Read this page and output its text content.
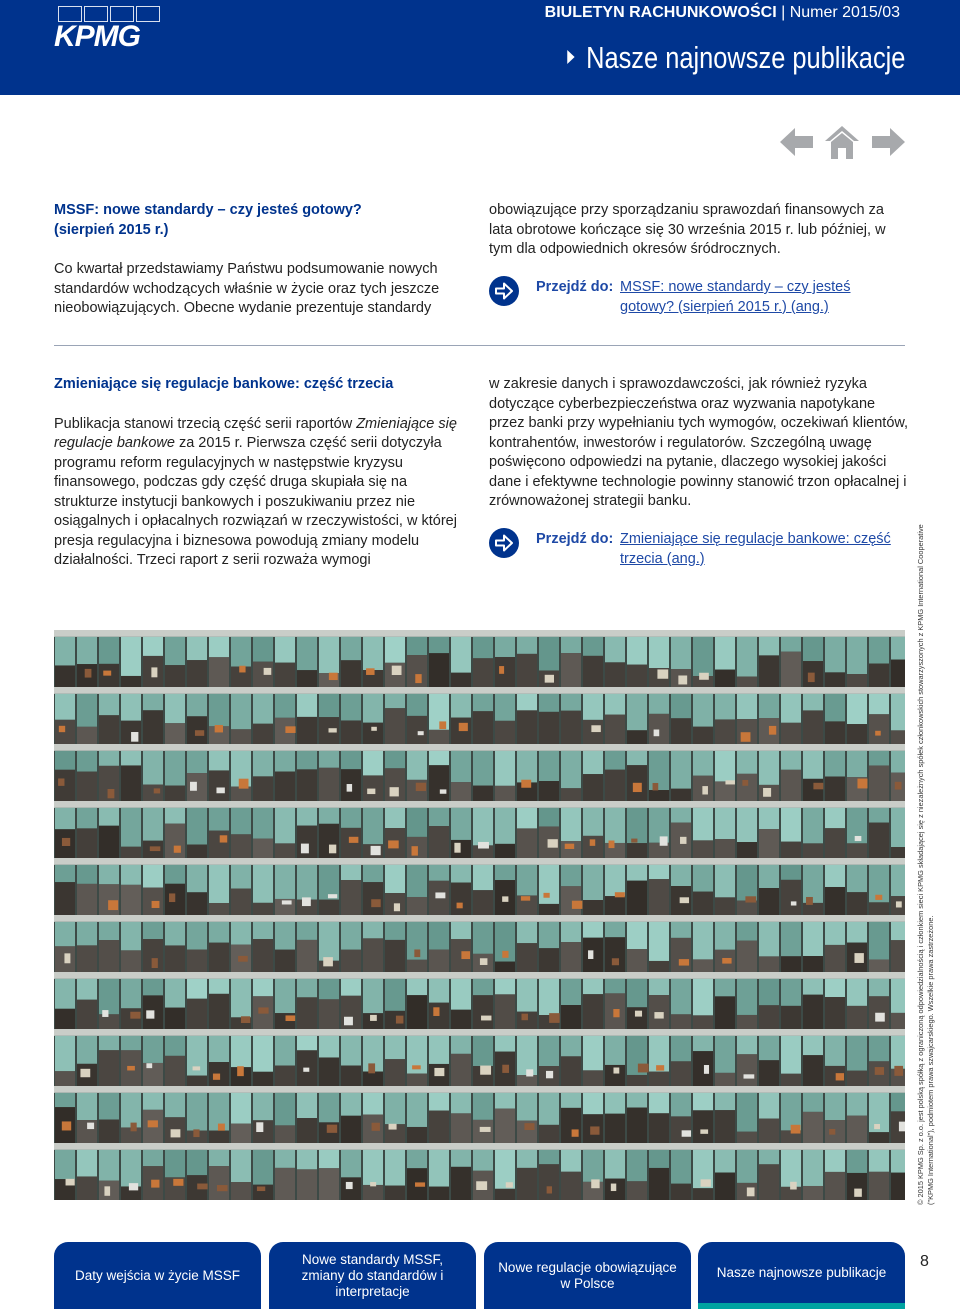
KPMG
BIULETYN RACHUNKOWOŚCI | Numer 2015/03
Nasze najnowsze publikacje

MSSF: nowe standardy – czy jesteś gotowy?

(sierpień 2015 r.)

Co kwartał przedstawiamy Państwu podsumowanie nowych standardów wchodzących właśnie w życie oraz tych jeszcze nieobowiązujących. Obecne wydanie prezentuje standardy

obowiązujące przy sporządzaniu sprawozdań finansowych za lata obrotowe kończące się 30 września 2015 r. lub później, w tym dla odpowiednich okresów śródrocznych.

Przejdź do: MSSF: nowe standardy – czy jesteś gotowy? (sierpień 2015 r.) (ang.)

Zmieniające się regulacje bankowe: część trzecia

Publikacja stanowi trzecią część serii raportów Zmieniające się regulacje bankowe za 2015 r. Pierwsza część serii dotyczyła programu reform regulacyjnych w następstwie kryzysu finansowego, podczas gdy część druga skupiała się na strukturze instytucji bankowych i poszukiwaniu przez nie osiągalnych i opłacalnych rozwiązań w rzeczywistości, w której presja regulacyjna i biznesowa powodują zmiany modelu działalności. Trzeci raport z serii rozważa wymogi

w zakresie danych i sprawozdawczości, jak również ryzyka dotyczące cyberbezpieczeństwa oraz wyzwania napotykane przez banki przy wypełnianiu tych wymogów, oczekiwań klientów, kontrahentów, inwestorów i regulatorów. Szczególną uwagę poświęcono odpowiedzi na pytanie, dlaczego wysokiej jakości dane i efektywne technologie powinny stanowić trzon opłacalnej i zrównoważonej strategii banku.

Przejdź do: Zmieniające się regulacje bankowe: część trzecia (ang.)	© 2015 KPMG Sp. z o.o. jest polską spółką z ograniczoną odpowiedzialnością i członkiem sieci KPMG składającej się z niezależnych spółek członkowskich stowarzyszonych z KPMG International Cooperative ("KPMG International"), podmiotem prawa szwajcarskiego. Wszelkie prawa zastrzeżone.
Daty wejścia w życie MSSF
Nowe standardy MSSF, zmiany do standardów i interpretacje
Nowe regulacje obowiązujące w Polsce
Nasze najnowsze publikacje
8
